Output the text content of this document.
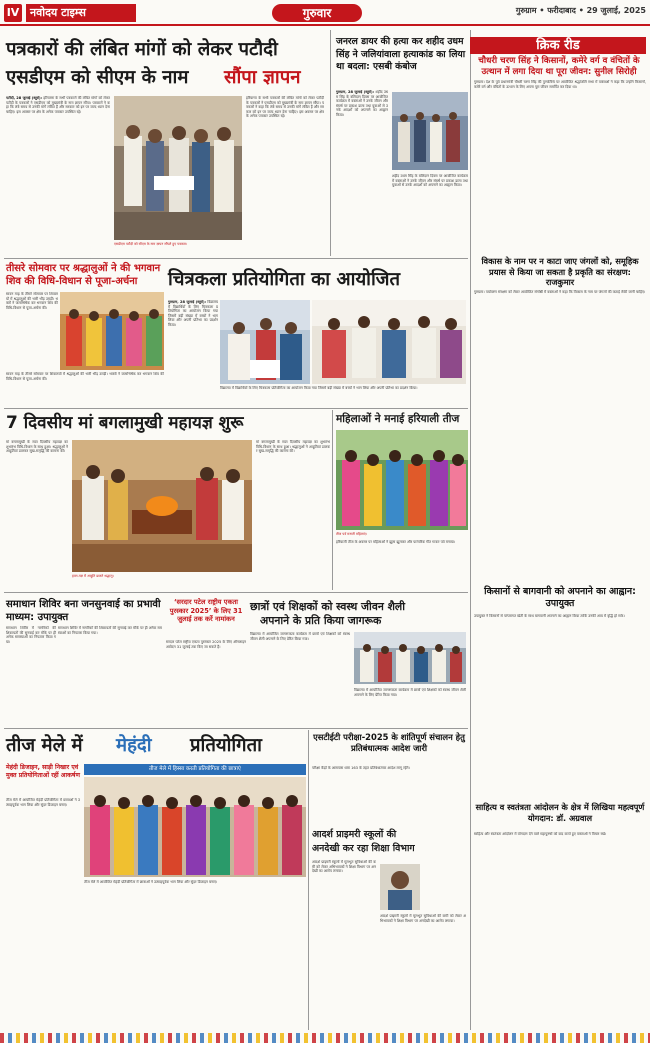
IV नवोदय टाइम्स	गुरुवार	गुरुग्राम • फरीदाबाद • 29 जुलाई, 2025
पत्रकारों की लंबित मांगों को लेकर पटौदी
एसडीएम को सीएम के नाम	सौंपा ज्ञापन
पटौदी, 28 जुलाई (ब्यूरो): हरियाणा के सभी पत्रकारों की लंबित मांगों को लेकर पटौदी के पत्रकारों ने एसडीएम को मुख्यमंत्री के नाम ज्ञापन सौंपा। पत्रकारों ने कहा कि लंबे समय से उनकी मांगें लंबित हैं और सरकार को इन पर जल्द ध्यान देना चाहिए। इस अवसर पर क्षेत्र के अनेक पत्रकार उपस्थित रहे।
एसडीएम पटौदी को सीएम के नाम ज्ञापन सौंपते हुए पत्रकार।
हरियाणा के सभी पत्रकारों की लंबित मांगों को लेकर पटौदी के पत्रकारों ने एसडीएम को मुख्यमंत्री के नाम ज्ञापन सौंपा। पत्रकारों ने कहा कि लंबे समय से उनकी मांगें लंबित हैं और सरकार को इन पर जल्द ध्यान देना चाहिए। इस अवसर पर क्षेत्र के अनेक पत्रकार उपस्थित रहे।
जनरल डायर की हत्या कर शहीद उधम सिंह ने जलियांवाला हत्याकांड का लिया था बदला: एसबी कंबोज
गुरुग्राम, 28 जुलाई (ब्यूरो): शहीद उधम सिंह के बलिदान दिवस पर आयोजित कार्यक्रम में वक्ताओं ने उनके जीवन और संघर्ष पर प्रकाश डाला तथा युवाओं से उनके आदर्शों को अपनाने का आह्वान किया।
शहीद उधम सिंह के बलिदान दिवस पर आयोजित कार्यक्रम में वक्ताओं ने उनके जीवन और संघर्ष पर प्रकाश डाला तथा युवाओं से उनके आदर्शों को अपनाने का आह्वान किया।
क्रिक रीड
चौधरी चरण सिंह ने किसानों, कमेरे वर्ग व वंचितों के उत्थान में लगा दिया था पूरा जीवन: सुनील सिरोही
गुरुग्राम। देश के पूर्व प्रधानमंत्री चौधरी चरण सिंह की पुण्यतिथि पर आयोजित श्रद्धांजलि सभा में वक्ताओं ने कहा कि उन्होंने किसानों, कमेरे वर्ग और वंचितों के उत्थान के लिए अपना पूरा जीवन समर्पित कर दिया था।
विकास के नाम पर न काटा जाए जंगलों को, समूहिक प्रयास से किया जा सकता है प्रकृति का संरक्षण: राजकुमार
गुरुग्राम। पर्यावरण संरक्षण को लेकर आयोजित संगोष्ठी में वक्ताओं ने कहा कि विकास के नाम पर जंगलों की कटाई रोकी जानी चाहिए।
किसानों से बागवानी को अपनाने का आह्वान: उपायुक्त
उपायुक्त ने किसानों से परंपरागत खेती के साथ बागवानी अपनाने का आह्वान किया ताकि उनकी आय में वृद्धि हो सके।
साहित्य व स्वतंत्रता आंदोलन के क्षेत्र में लिखिया महत्वपूर्ण योगदान: डॉ. अग्रवाल
साहित्य और स्वतंत्रता आंदोलन में योगदान देने वाले महापुरुषों को याद करते हुए वक्ताओं ने विचार रखे।
तीसरे सोमवार पर श्रद्धालुओं ने की भगवान शिव की विधि-विधान से पूजा-अर्चना
सावन माह के तीसरे सोमवार पर शिवालयों में श्रद्धालुओं की भारी भीड़ उमड़ी। भक्तों ने जलाभिषेक कर भगवान शिव की विधि-विधान से पूजा-अर्चना की।
सावन माह के तीसरे सोमवार पर शिवालयों में श्रद्धालुओं की भारी भीड़ उमड़ी। भक्तों ने जलाभिषेक कर भगवान शिव की विधि-विधान से पूजा-अर्चना की।
चित्रकला प्रतियोगिता का आयोजित
गुरुग्राम, 28 जुलाई (ब्यूरो): विद्यालय में विद्यार्थियों के लिए चित्रकला प्रतियोगिता का आयोजन किया गया जिसमें बड़ी संख्या में बच्चों ने भाग लिया और अपनी प्रतिभा का प्रदर्शन किया।
विद्यालय में विद्यार्थियों के लिए चित्रकला प्रतियोगिता का आयोजन किया गया जिसमें बड़ी संख्या में बच्चों ने भाग लिया और अपनी प्रतिभा का प्रदर्शन किया।
7 दिवसीय मां बगलामुखी महायज्ञ शुरू
मां बगलामुखी के सात दिवसीय महायज्ञ का शुभारंभ विधि-विधान के साथ हुआ। श्रद्धालुओं ने आहुतियां डालकर सुख-समृद्धि की कामना की।
हवन-यज्ञ में आहुति डालते श्रद्धालु।
मां बगलामुखी के सात दिवसीय महायज्ञ का शुभारंभ विधि-विधान के साथ हुआ। श्रद्धालुओं ने आहुतियां डालकर सुख-समृद्धि की कामना की।
महिलाओं ने मनाई हरियाली तीज
तीज पर्व मनाती महिलाएं।
हरियाली तीज के अवसर पर महिलाओं ने झूला झूलकर और पारंपरिक गीत गाकर पर्व मनाया।
समाधान शिविर बना जनसुनवाई का प्रभावी माध्यम: उपायुक्त
समाधान शिविर में नागरिकों की शिकायतों की सुनवाई कर मौके पर ही अनेक समस्याओं का निपटारा किया गया।
समाधान शिविर में नागरिकों की शिकायतों की सुनवाई कर मौके पर ही अनेक समस्याओं का निपटारा किया गया।
‘सरदार पटेल राष्ट्रीय एकता पुरस्कार 2025’ के लिए 31 जुलाई तक करें नामांकन
सरदार पटेल राष्ट्रीय एकता पुरस्कार 2025 के लिए ऑनलाइन आवेदन 31 जुलाई तक किए जा सकते हैं।
छात्रों एवं शिक्षकों को स्वस्थ जीवन शैली
अपनाने के प्रति किया जागरूक
विद्यालय में आयोजित जागरूकता कार्यक्रम में छात्रों एवं शिक्षकों को स्वस्थ जीवन शैली अपनाने के लिए प्रेरित किया गया।
विद्यालय में आयोजित जागरूकता कार्यक्रम में छात्रों एवं शिक्षकों को स्वस्थ जीवन शैली अपनाने के लिए प्रेरित किया गया।
तीज मेले में	मेहंदी	प्रतियोगिता
मेहंदी डिजाइन, साड़ी निखार एवं मुक्त प्रतियोगिताओं रहीं आकर्षण
तीज मेले में हिस्सा करती प्रतियोगिता की छात्राएं
तीज मेले में आयोजित मेहंदी प्रतियोगिता में छात्राओं ने उत्साहपूर्वक भाग लिया और सुंदर डिजाइन बनाए।
तीज मेले में आयोजित मेहंदी प्रतियोगिता में छात्राओं ने उत्साहपूर्वक भाग लिया और सुंदर डिजाइन बनाए।
एसटीईटी परीक्षा-2025 के शांतिपूर्ण संचालन हेतु प्रतिबंधात्मक आदेश जारी
परीक्षा केंद्रों के आसपास धारा 163 के तहत प्रतिबंधात्मक आदेश लागू रहेंगे।
आदर्श प्राइमरी स्कूलों की
अनदेखी कर रहा शिक्षा विभाग
आदर्श प्राइमरी स्कूलों में मूलभूत सुविधाओं की कमी को लेकर अभिभावकों ने शिक्षा विभाग पर अनदेखी का आरोप लगाया।
आदर्श प्राइमरी स्कूलों में मूलभूत सुविधाओं की कमी को लेकर अभिभावकों ने शिक्षा विभाग पर अनदेखी का आरोप लगाया।
